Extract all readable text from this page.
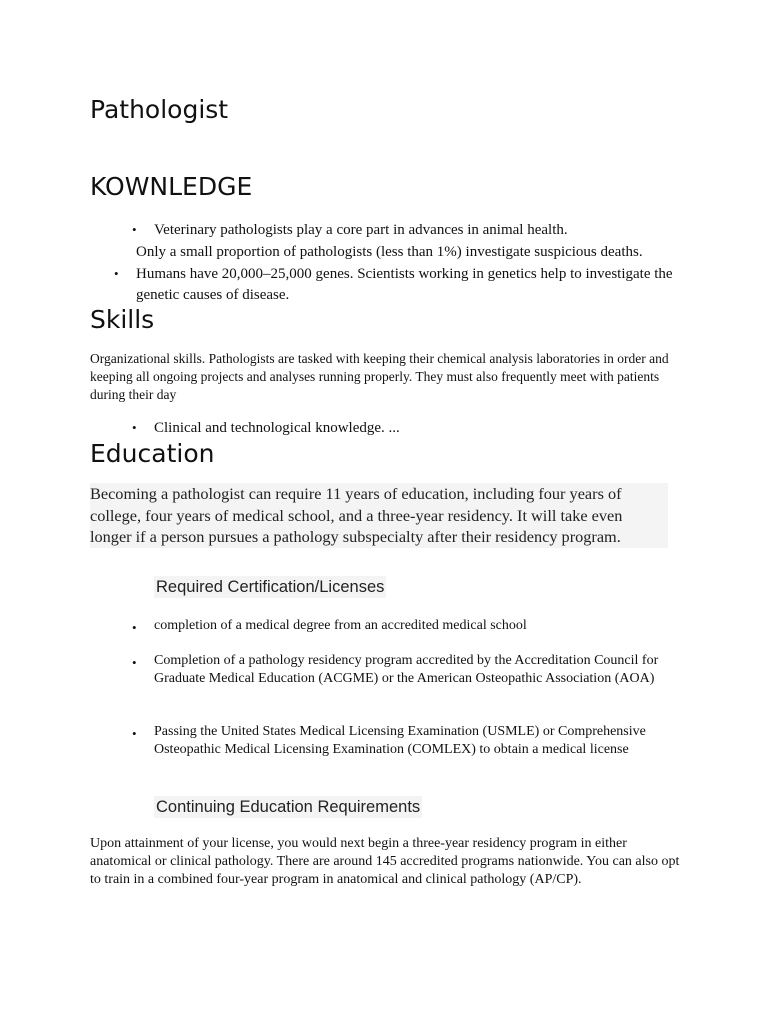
Pathologist
KOWNLEDGE
• Veterinary pathologists play a core part in advances in animal health.

Only a small proportion of pathologists (less than 1%) investigate suspicious deaths.

• Humans have 20,000–25,000 genes. Scientists working in genetics help to investigate the genetic causes of disease.

Skills

Organizational skills. Pathologists are tasked with keeping their chemical analysis laboratories in order and keeping all ongoing projects and analyses running properly. They must also frequently meet with patients during their day

• Clinical and technological knowledge. ...

Education

Becoming a pathologist can require 11 years of education, including four years of college, four years of medical school, and a three-year residency. It will take even longer if a person pursues a pathology subspecialty after their residency program.

Required Certification/Licenses
• completion of a medical degree from an accredited medical school

• Completion of a pathology residency program accredited by the Accreditation Council for Graduate Medical Education (ACGME) or the American Osteopathic Association (AOA)

• Passing the United States Medical Licensing Examination (USMLE) or Comprehensive Osteopathic Medical Licensing Examination (COMLEX) to obtain a medical license

Continuing Education Requirements

Upon attainment of your license, you would next begin a three-year residency program in either anatomical or clinical pathology. There are around 145 accredited programs nationwide. You can also opt to train in a combined four-year program in anatomical and clinical pathology (AP/CP).
